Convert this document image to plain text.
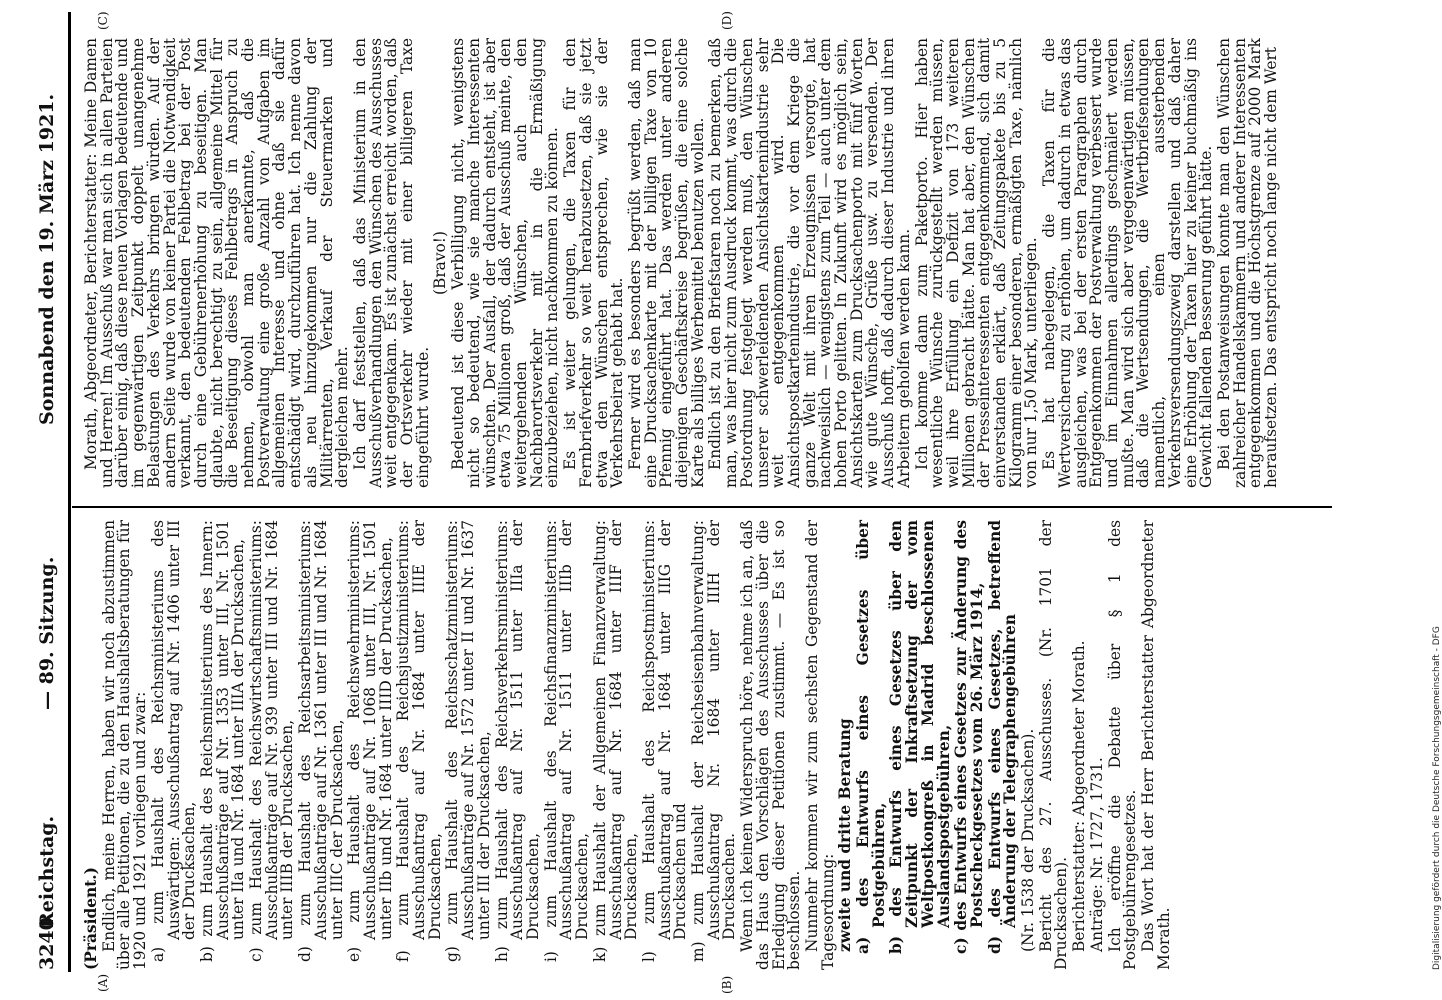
3240
Reichstag.
— 89. Sitzung.
Sonnabend den 19. März 1921.
(A)	(B)
(C)	(D)

(Präsident.) Endlich, meine Herren, haben wir noch abzustimmen über alle Petitionen, die zu den Haushaltsberatungen für 1920 und 1921 vorliegen und zwar: a) zum Haushalt des Reichsministeriums des Auswärtigen: Ausschußantrag auf Nr. 1406 unter III der Drucksachen, b) zum Haushalt des Reichsministeriums des Innern: Ausschußanträge auf Nr. 1353 unter III, Nr. 1501 unter IIa und Nr. 1684 unter IIIA der Drucksachen, c) zum Haushalt des Reichswirtschaftsministeriums: Ausschußanträge auf Nr. 939 unter III und Nr. 1684 unter IIIB der Drucksachen, d) zum Haushalt des Reichsarbeitsministeriums: Ausschußanträge auf Nr. 1361 unter III und Nr. 1684 unter IIIC der Drucksachen, e) zum Haushalt des Reichswehrministeriums: Ausschußanträge auf Nr. 1068 unter III, Nr. 1501 unter IIb und Nr. 1684 unter IIID der Drucksachen, f) zum Haushalt des Reichsjustizministeriums: Ausschußantrag auf Nr. 1684 unter IIIE der Drucksachen, g) zum Haushalt des Reichsschatzministeriums: Ausschußanträge auf Nr. 1572 unter II und Nr. 1637 unter III der Drucksachen, h) zum Haushalt des Reichsverkehrsministeriums: Ausschußantrag auf Nr. 1511 unter IIIa der Drucksachen, i) zum Haushalt des Reichsfinanzministeriums: Ausschußantrag auf Nr. 1511 unter IIIb der Drucksachen, k) zum Haushalt der Allgemeinen Finanzverwaltung: Ausschußantrag auf Nr. 1684 unter IIIF der Drucksachen, l) zum Haushalt des Reichspostministeriums: Ausschußantrag auf Nr. 1684 unter IIIG der Drucksachen und m) zum Haushalt der Reichseisenbahnverwaltung: Ausschußantrag Nr. 1684 unter IIIH der Drucksachen. Wenn ich keinen Widerspruch höre, nehme ich an, daß das Haus den Vorschlägen des Ausschusses über die Erledigung dieser Petitionen zustimmt. — Es ist so beschlossen. Nunmehr kommen wir zum sechsten Gegenstand der Tagesordnung: zweite und dritte Beratung a) des Entwurfs eines Gesetzes über Postgebühren, b) des Entwurfs eines Gesetzes über den Zeitpunkt der Inkraftsetzung der vom Weltpostkongreß in Madrid beschlossenen Auslandspostgebühren, c) des Entwurfs eines Gesetzes zur Änderung des Postscheckgesetzes vom 26. März 1914, d) des Entwurfs eines Gesetzes, betreffend Änderung der Telegraphengebühren (Nr. 1538 der Drucksachen). Bericht des 27. Ausschusses. (Nr. 1701 der Drucksachen). Berichterstatter: Abgeordneter Morath. Anträge: Nr. 1727, 1731. Ich eröffne die Debatte über § 1 des Postgebührengesetzes. Das Wort hat der Herr Berichterstatter Abgeordneter Morath.

Morath, Abgeordneter, Berichterstatter: Meine Damen und Herren! Im Ausschuß war man sich in allen Parteien darüber einig, daß diese neuen Vorlagen bedeutende und im gegenwärtigen Zeitpunkt doppelt unangenehme Belastungen des Verkehrs bringen würden. Auf der andern Seite wurde von keiner Partei die Notwendigkeit verkannt, den bedeutenden Fehlbetrag bei der Post durch eine Gebührenerhöhung zu beseitigen. Man glaubte, nicht berechtigt zu sein, allgemeine Mittel für die Beseitigung dieses Fehlbetrags in Anspruch zu nehmen, obwohl man anerkannte, daß die Postverwaltung eine große Anzahl von Aufgaben im allgemeinen Interesse und ohne daß sie dafür entschädigt wird, durchzuführen hat. Ich nenne davon als neu hinzugekommen nur die Zahlung der Militärrenten, Verkauf der Steuermarken und dergleichen mehr. Ich darf feststellen, daß das Ministerium in den Ausschußverhandlungen den Wünschen des Ausschusses weit entgegenkam. Es ist zunächst erreicht worden, daß der Ortsverkehr wieder mit einer billigeren Taxe eingeführt wurde.

(Bravo!) Bedeutend ist diese Verbilligung nicht, wenigstens nicht so bedeutend, wie sie manche Interessenten wünschten. Der Ausfall, der dadurch entsteht, ist aber etwa 75 Millionen groß, daß der Ausschuß meinte, den weitergehenden Wünschen, auch den Nachbarortsverkehr mit in die Ermäßigung einzubeziehen, nicht nachkommen zu können. Es ist weiter gelungen, die Taxen für den Fernbriefverkehr so weit herabzusetzen, daß sie jetzt etwa den Wünschen entsprechen, wie sie der Verkehrsbeirat gehabt hat. Ferner wird es besonders begrüßt werden, daß man eine Drucksachenkarte mit der billigen Taxe von 10 Pfennig eingeführt hat. Das werden unter anderen diejenigen Geschäftskreise begrüßen, die eine solche Karte als billiges Werbemittel benutzen wollen. Endlich ist zu den Briefstaren noch zu bemerken, daß man, was hier nicht zum Ausdruck kommt, was durch die Postordnung festgelegt werden muß, den Wünschen unserer schwerleidenden Ansichtskartenindustrie sehr weit entgegenkommen wird. Die Ansichtspostkartenindustrie, die vor dem Kriege die ganze Welt mit ihren Erzeugnissen versorgte, hat nachweislich — wenigstens zum Teil — auch unter dem hohen Porto gelitten. In Zukunft wird es möglich sein, Ansichtskarten zum Drucksachenporto mit fünf Worten wie gute Wünsche, Grüße usw. zu versenden. Der Ausschuß hofft, daß dadurch dieser Industrie und ihren Arbeitern geholfen werden kann. Ich komme dann zum Paketporto. Hier haben wesentliche Wünsche zurückgestellt werden müssen, weil ihre Erfüllung ein Defizit von 173 weiteren Millionen gebracht hätte. Man hat aber, den Wünschen der Presseinteressenten entgegenkommend, sich damit einverstanden erklärt, daß Zeitungspakete bis zu 5 Kilogramm einer besonderen, ermäßigten Taxe, nämlich von nur 1,50 Mark, unterliegen. Es hat nahegelegen, die Taxen für die Wertversicherung zu erhöhen, um dadurch in etwas das ausgleichen, was bei der ersten Paragraphen durch Entgegenkommen der Postverwaltung verbessert wurde und im Einnahmen allerdings geschmälert werden mußte. Man wird sich aber vergegenwärtigen müssen, daß die Wertsendungen, die Wertbriefsendungen namentlich, einen aussterbenden Verkehrsversendungszweig darstellen und daß daher eine Erhöhung der Taxen hier zu keiner buchmäßig ins Gewicht fallenden Besserung geführt hätte. Bei den Postanweisungen konnte man den Wünschen zahlreicher Handelskammern und anderer Interessenten entgegenkommen und die Höchstgrenze auf 2000 Mark heraufsetzen. Das entspricht noch lange nicht dem Wert

Digitalisierung gefördert durch die Deutsche Forschungsgemeinschaft - DFG
